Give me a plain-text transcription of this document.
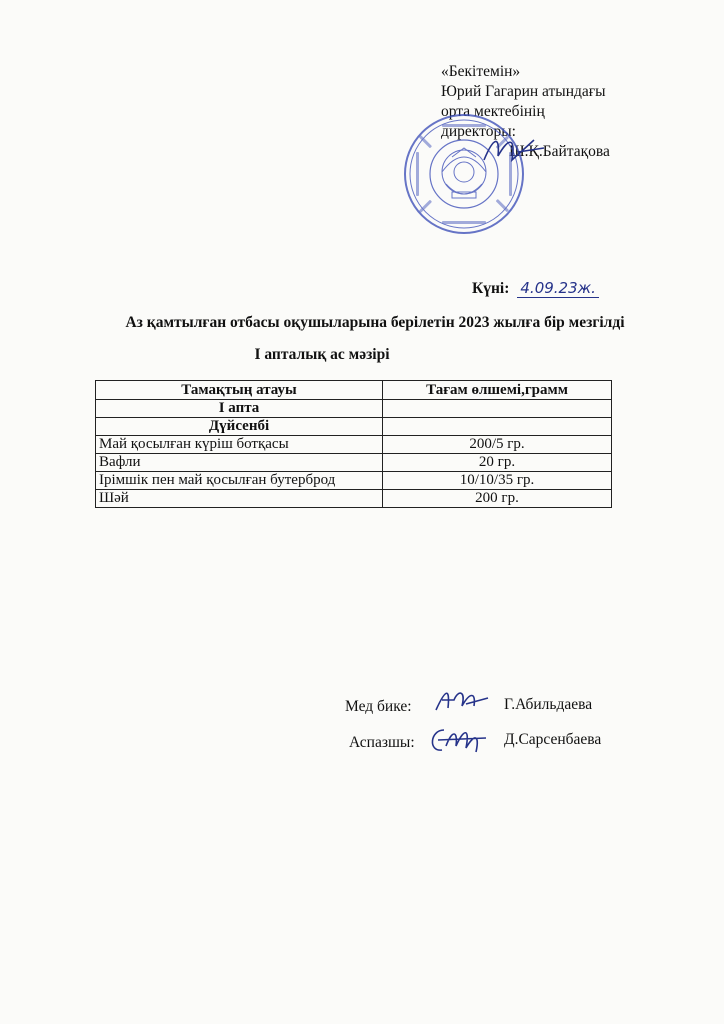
«Бекітемін»
Юрий Гагарин атындағы
орта мектебінің
директоры:
Ш.Қ.Байтақова
Күні: 4.09.23ж.
Аз қамтылған отбасы оқушыларына берілетін 2023 жылға бір мезгілді
І апталық ас мәзірі
Тамақтың атауы	Тағам өлшемі,грамм
І апта	
Дүйсенбі	
Май қосылған күріш ботқасы	200/5 гр.
Вафли	20 гр.
Ірімшік пен май қосылған бутерброд	10/10/35 гр.
Шәй	200 гр.
Мед бике:	Г.Абильдаева
Аспазшы:	Д.Сарсенбаева
